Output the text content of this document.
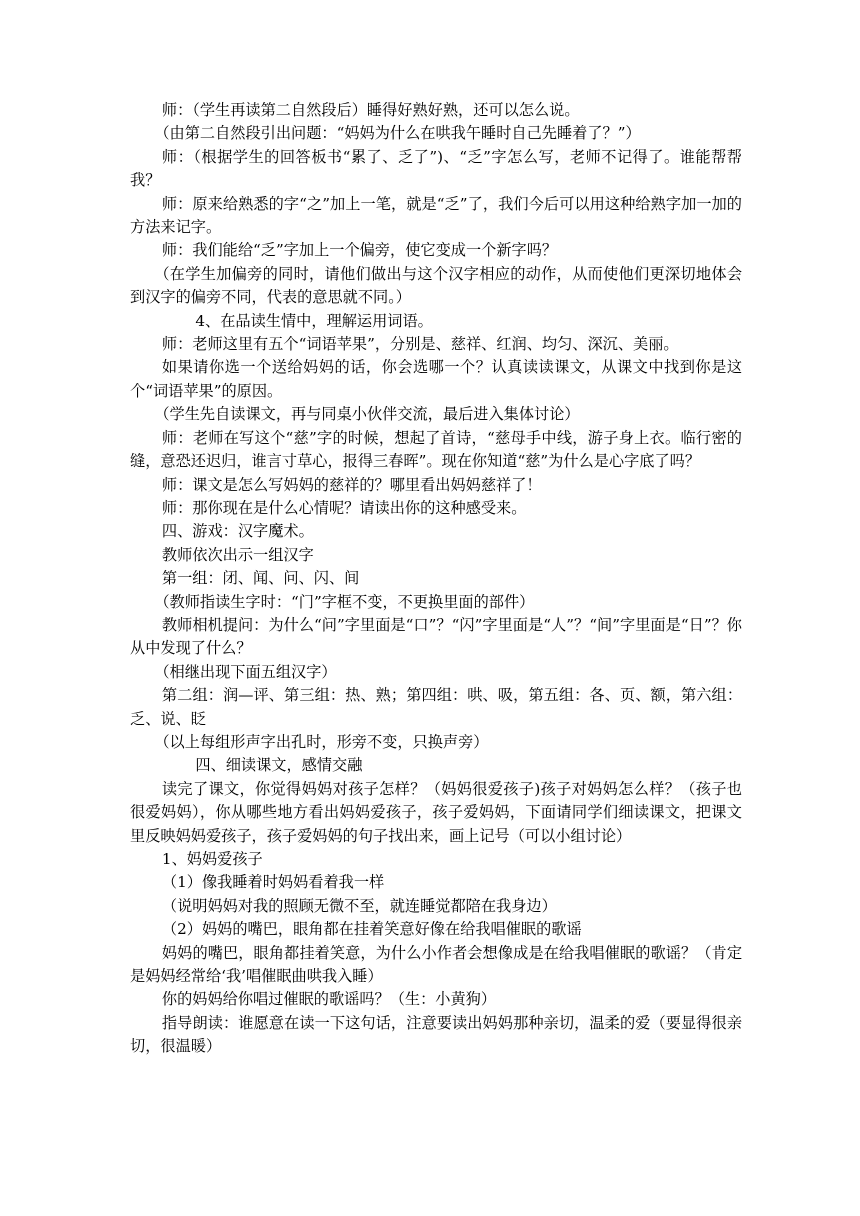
师：（学生再读第二自然段后）睡得好熟好熟，还可以怎么说。

（由第二自然段引出问题：“妈妈为什么在哄我午睡时自己先睡着了？”）

师：（根据学生的回答板书“累了、乏了”)、“乏”字怎么写，老师不记得了。谁能帮帮我？

师：原来给熟悉的字“之”加上一笔，就是“乏”了，我们今后可以用这种给熟字加一加的方法来记字。

师：我们能给“乏”字加上一个偏旁，使它变成一个新字吗？

（在学生加偏旁的同时，请他们做出与这个汉字相应的动作，从而使他们更深切地体会到汉字的偏旁不同，代表的意思就不同。）

4、在品读生情中，理解运用词语。

师：老师这里有五个“词语苹果”，分别是、慈祥、红润、均匀、深沉、美丽。

如果请你选一个送给妈妈的话，你会选哪一个？认真读读课文，从课文中找到你是这个“词语苹果”的原因。

（学生先自读课文，再与同桌小伙伴交流，最后进入集体讨论）

师：老师在写这个“慈”字的时候，想起了首诗，“慈母手中线，游子身上衣。临行密的缝，意恐还迟归，谁言寸草心，报得三春晖”。现在你知道“慈”为什么是心字底了吗？

师：课文是怎么写妈妈的慈祥的？哪里看出妈妈慈祥了！

师：那你现在是什么心情呢？请读出你的这种感受来。

四、游戏：汉字魔术。

教师依次出示一组汉字

第一组：闭、闻、问、闪、间

（教师指读生字时：“门”字框不变，不更换里面的部件）

教师相机提问：为什么“问”字里面是“口”？“闪”字里面是“人”？“间”字里面是“日”？你从中发现了什么？

（相继出现下面五组汉字）

第二组：润—评、第三组：热、熟；第四组：哄、吸，第五组：各、页、额，第六组：乏、说、眨

（以上每组形声字出孔时，形旁不变，只换声旁）

四、细读课文，感情交融

读完了课文，你觉得妈妈对孩子怎样？（妈妈很爱孩子)孩子对妈妈怎么样？（孩子也很爱妈妈），你从哪些地方看出妈妈爱孩子，孩子爱妈妈，下面请同学们细读课文，把课文里反映妈妈爱孩子，孩子爱妈妈的句子找出来，画上记号（可以小组讨论）

1、妈妈爱孩子

（1）像我睡着时妈妈看着我一样

（说明妈妈对我的照顾无微不至，就连睡觉都陪在我身边）

（2）妈妈的嘴巴，眼角都在挂着笑意好像在给我唱催眠的歌谣

妈妈的嘴巴，眼角都挂着笑意，为什么小作者会想像成是在给我唱催眠的歌谣？（肯定是妈妈经常给‘我’唱催眠曲哄我入睡）

你的妈妈给你唱过催眠的歌谣吗？（生：小黄狗）

指导朗读：谁愿意在读一下这句话，注意要读出妈妈那种亲切，温柔的爱（要显得很亲切，很温暖）
